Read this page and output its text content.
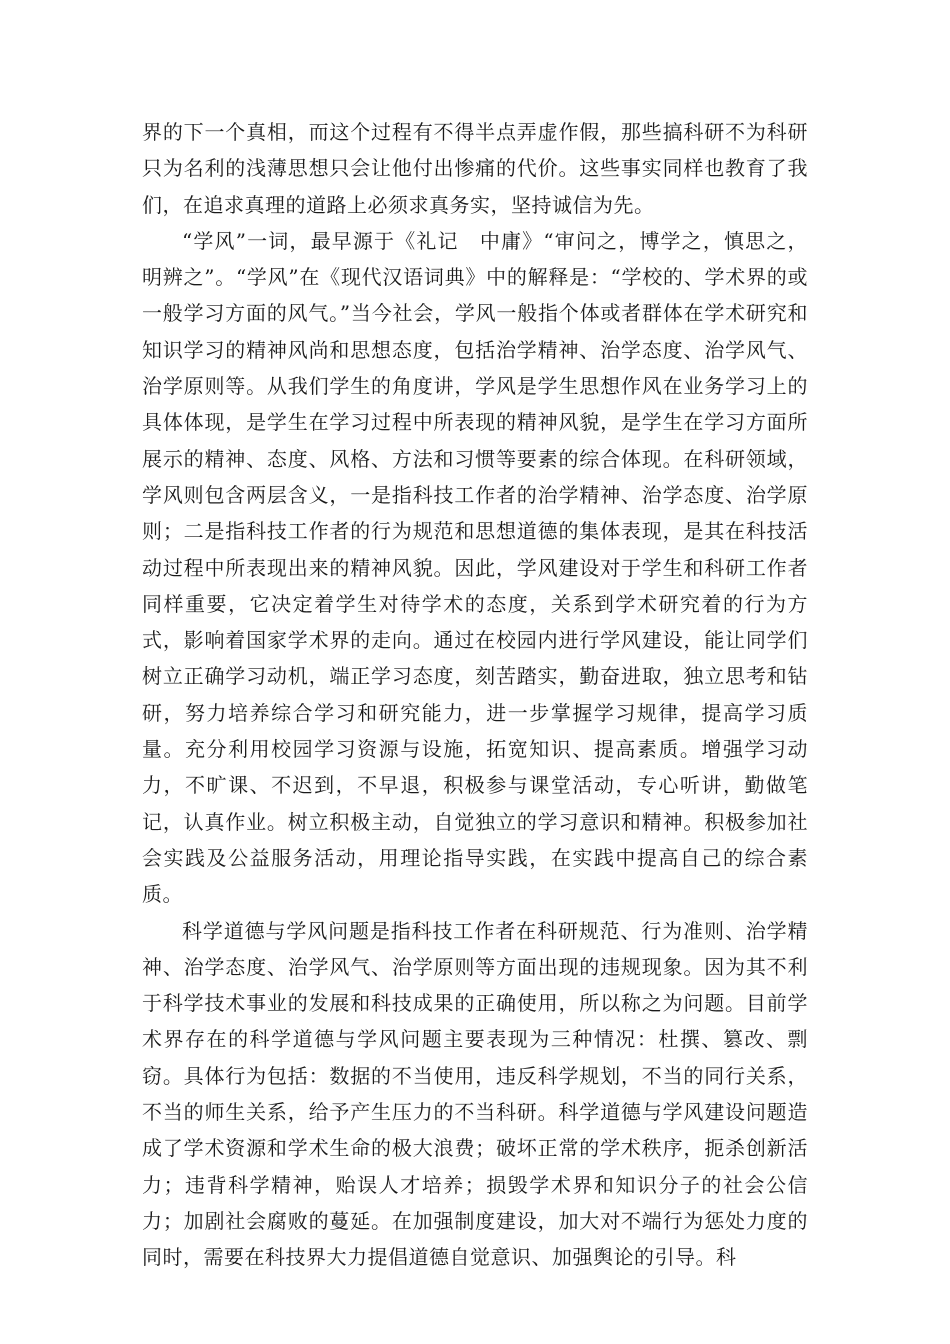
界的下一个真相，而这个过程有不得半点弄虚作假，那些搞科研不为科研只为名利的浅薄思想只会让他付出惨痛的代价。这些事实同样也教育了我们，在追求真理的道路上必须求真务实，坚持诚信为先。

“学风”一词，最早源于《礼记　中庸》“审问之，博学之，慎思之，明辨之”。“学风”在《现代汉语词典》中的解释是：“学校的、学术界的或一般学习方面的风气。”当今社会，学风一般指个体或者群体在学术研究和知识学习的精神风尚和思想态度，包括治学精神、治学态度、治学风气、治学原则等。从我们学生的角度讲，学风是学生思想作风在业务学习上的具体体现，是学生在学习过程中所表现的精神风貌，是学生在学习方面所展示的精神、态度、风格、方法和习惯等要素的综合体现。在科研领域，学风则包含两层含义，一是指科技工作者的治学精神、治学态度、治学原则；二是指科技工作者的行为规范和思想道德的集体表现，是其在科技活动过程中所表现出来的精神风貌。因此，学风建设对于学生和科研工作者同样重要，它决定着学生对待学术的态度，关系到学术研究着的行为方式，影响着国家学术界的走向。通过在校园内进行学风建设，能让同学们树立正确学习动机，端正学习态度，刻苦踏实，勤奋进取，独立思考和钻研，努力培养综合学习和研究能力，进一步掌握学习规律，提高学习质量。充分利用校园学习资源与设施，拓宽知识、提高素质。增强学习动力，不旷课、不迟到，不早退，积极参与课堂活动，专心听讲，勤做笔记，认真作业。树立积极主动，自觉独立的学习意识和精神。积极参加社会实践及公益服务活动，用理论指导实践，在实践中提高自己的综合素质。

科学道德与学风问题是指科技工作者在科研规范、行为准则、治学精神、治学态度、治学风气、治学原则等方面出现的违规现象。因为其不利于科学技术事业的发展和科技成果的正确使用，所以称之为问题。目前学术界存在的科学道德与学风问题主要表现为三种情况：杜撰、篡改、剽窃。具体行为包括：数据的不当使用，违反科学规划，不当的同行关系，不当的师生关系，给予产生压力的不当科研。科学道德与学风建设问题造成了学术资源和学术生命的极大浪费；破坏正常的学术秩序，扼杀创新活力；违背科学精神，贻误人才培养；损毁学术界和知识分子的社会公信力；加剧社会腐败的蔓延。在加强制度建设，加大对不端行为惩处力度的同时，需要在科技界大力提倡道德自觉意识、加强舆论的引导。科
